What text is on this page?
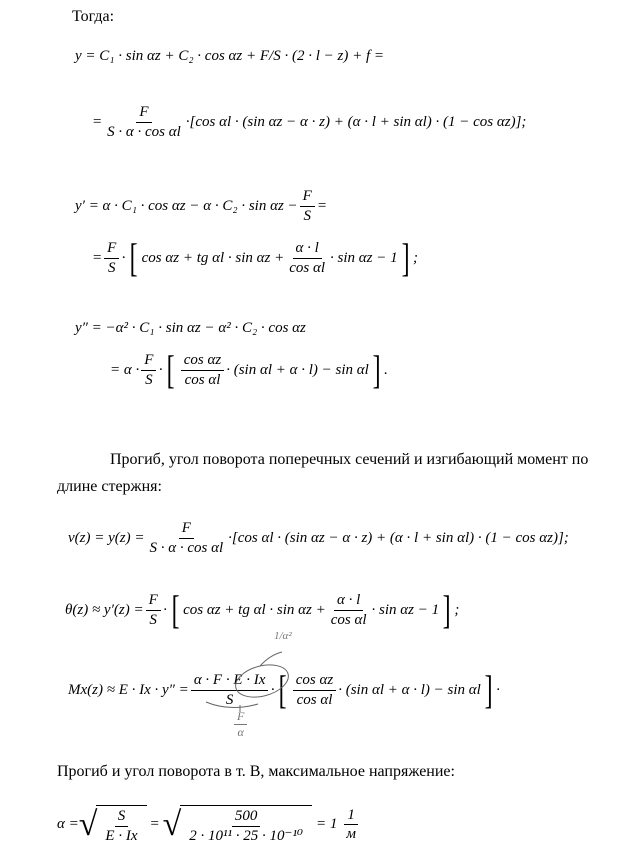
Тогда:
y = C₁ · sin αz + C₂ · cos αz + F/S · (2 · l − z) + f =
= $\frac{F}{\text{S · α · cos αl}} \cdot[\cos$ αl · (sin αz − α · z) + (α · l + sin αl) · (1 − cos αz)];
$y' = \alpha \cdot C_1 \cdot \cos \alpha z - \alpha \cdot C_2 \cdot \sin \alpha z - \frac{F}{S}$ =
= $\frac{F}{S}$ · [ cos αz + tg $\alpha l \cdot \sin \alpha z + \frac{\alpha \cdot l}{\text{cos αl}} \cdot \sin \alpha z - 1$ ] ;
y″ = −α² · C₁ · sin αz − α² · C₂ · cos αz
= $\alpha \cdot \frac{F}{S}$ · [ $\frac{\text{cos αz}}{\text{cos αl}} \cdot (\sin$ αl + α · l) − sin αl ] .
Прогиб, угол поворота поперечных сечений и изгибающий момент по
длине стержня:
$v(z) = y(z) = \frac{F}{\text{S · α · cos αl}} \cdot[\cos$ αl · (sin αz − α · z) + (α · l + sin αl) · (1 − cos αz)];
$\theta(z) \approx y'(z) = \frac{F}{S}$ · [ cos αz + tg $\alpha l \cdot \sin \alpha z + \frac{\alpha \cdot l}{\text{cos αl}} \cdot \sin \alpha z - 1$ ] ;
1/α²
$Mx(z) \approx E \cdot Ix \cdot y'' = \frac{\alpha \cdot F \cdot E \cdot Ix}{S}$ · [ $\frac{\text{cos αz}}{\text{cos αl}} \cdot (\sin$ αl + α · l) − sin αl ] ·
$\frac{F}{\alpha}$
Прогиб и угол поворота в т. B, максимальное напряжение:
α = √ $\frac{S}{E \cdot Ix}$ = √ $\frac{500}{\text{2 · 10¹¹ · 25 · 10⁻¹⁰}} = 1 \frac{1}{м}$
